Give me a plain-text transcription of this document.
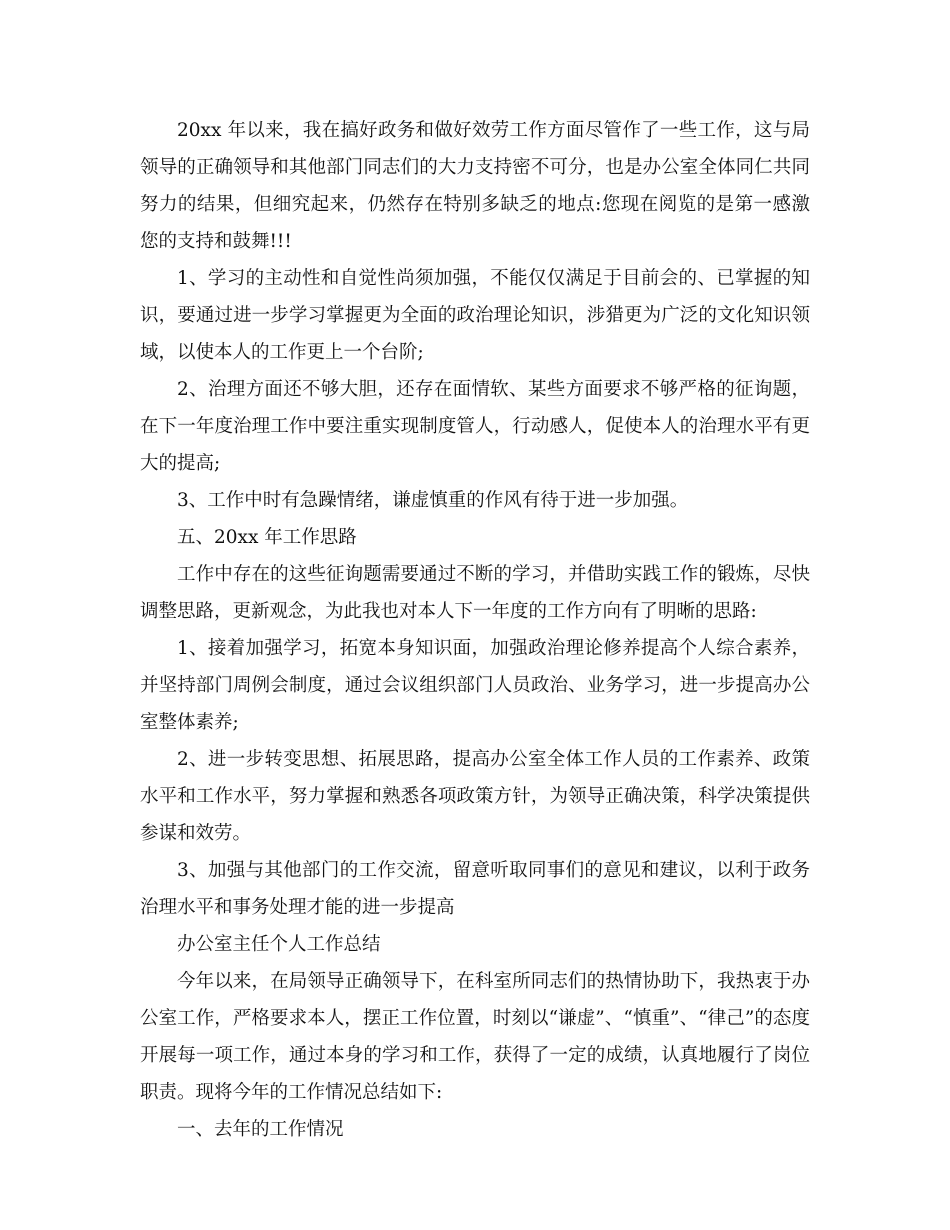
20xx 年以来，我在搞好政务和做好效劳工作方面尽管作了一些工作，这与局领导的正确领导和其他部门同志们的大力支持密不可分，也是办公室全体同仁共同努力的结果，但细究起来，仍然存在特别多缺乏的地点:您现在阅览的是第一感激您的支持和鼓舞!!!

1、学习的主动性和自觉性尚须加强，不能仅仅满足于目前会的、已掌握的知识，要通过进一步学习掌握更为全面的政治理论知识，涉猎更为广泛的文化知识领域，以使本人的工作更上一个台阶;

2、治理方面还不够大胆，还存在面情软、某些方面要求不够严格的征询题，在下一年度治理工作中要注重实现制度管人，行动感人，促使本人的治理水平有更大的提高;

3、工作中时有急躁情绪，谦虚慎重的作风有待于进一步加强。

五、20xx 年工作思路

工作中存在的这些征询题需要通过不断的学习，并借助实践工作的锻炼，尽快调整思路，更新观念，为此我也对本人下一年度的工作方向有了明晰的思路:

1、接着加强学习，拓宽本身知识面，加强政治理论修养提高个人综合素养，并坚持部门周例会制度，通过会议组织部门人员政治、业务学习，进一步提高办公室整体素养;

2、进一步转变思想、拓展思路，提高办公室全体工作人员的工作素养、政策水平和工作水平，努力掌握和熟悉各项政策方针，为领导正确决策，科学决策提供参谋和效劳。

3、加强与其他部门的工作交流，留意听取同事们的意见和建议，以利于政务治理水平和事务处理才能的进一步提高

办公室主任个人工作总结

今年以来，在局领导正确领导下，在科室所同志们的热情协助下，我热衷于办公室工作，严格要求本人，摆正工作位置，时刻以“谦虚”、“慎重”、“律己”的态度开展每一项工作，通过本身的学习和工作，获得了一定的成绩，认真地履行了岗位职责。现将今年的工作情况总结如下:

一、去年的工作情况
